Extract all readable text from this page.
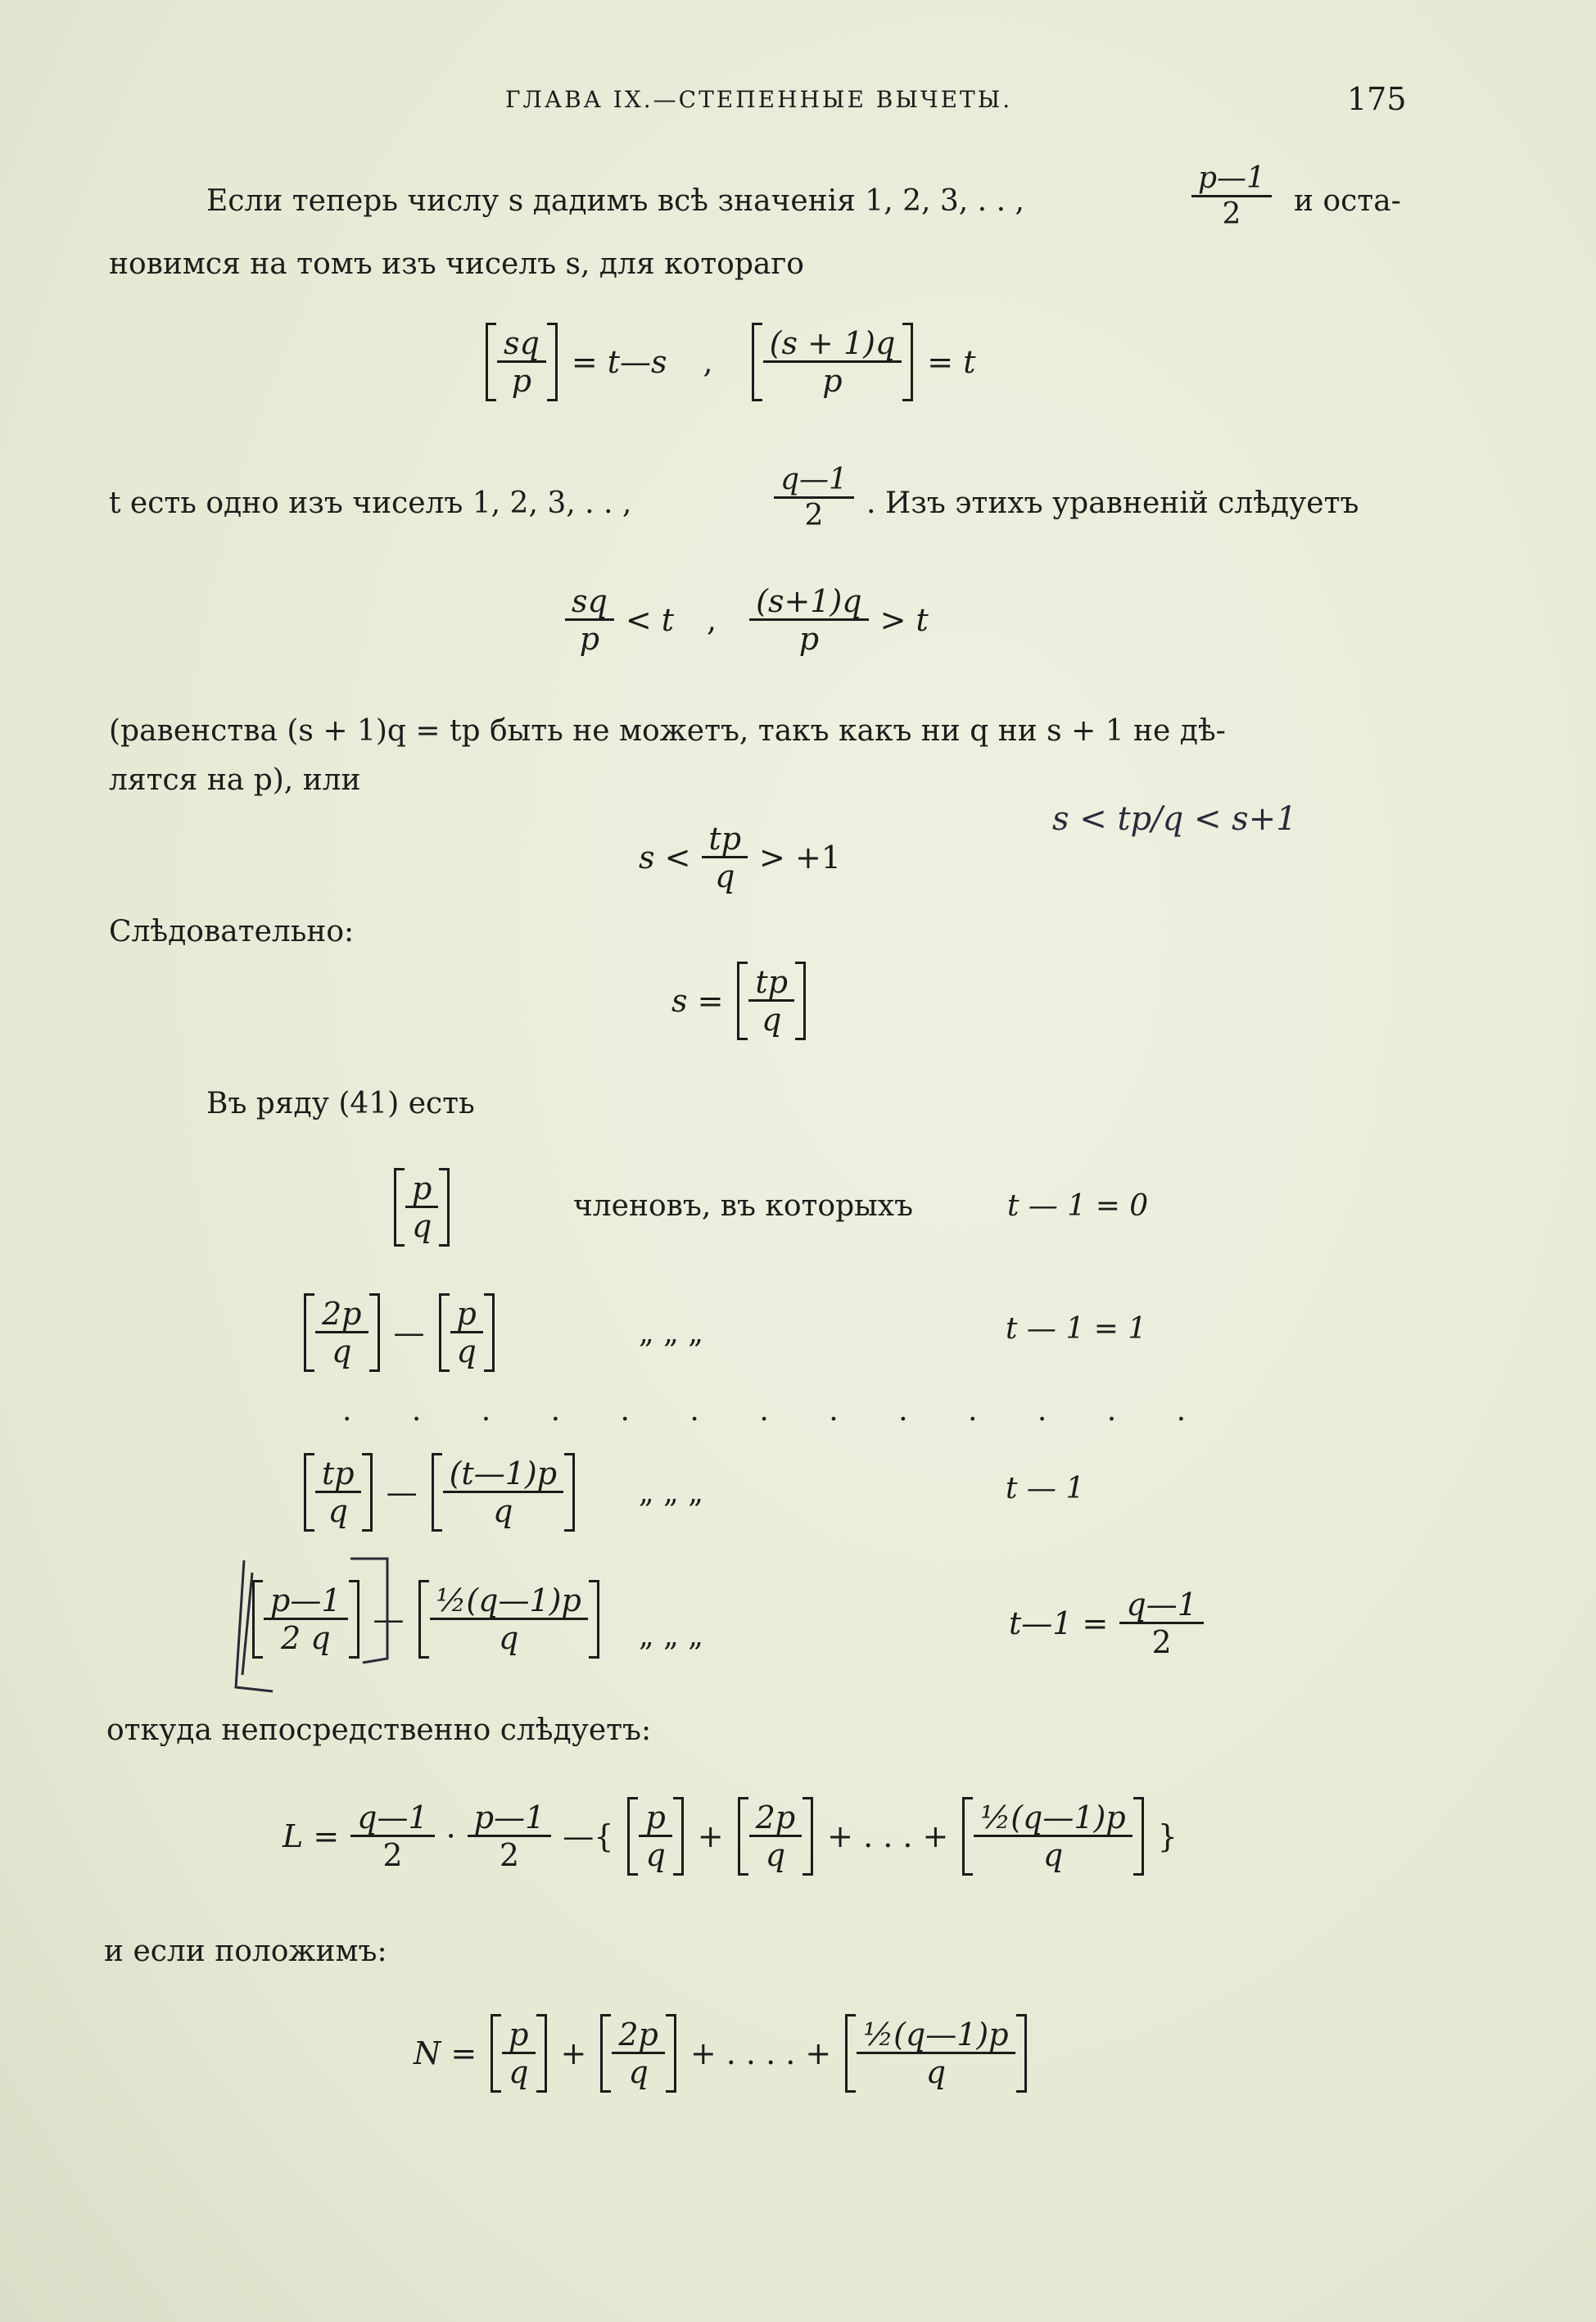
ГЛАВА IX.—СТЕПЕННЫЕ ВЫЧЕТЫ.	175
Если теперь числу s дадимъ всѣ значенія 1, 2, 3, . . ,	$\frac{p—1}{2}$ и оста-
новимся на томъ изъ чиселъ s, для котораго
sq
p
= t—s ,
(s + 1)q
p
= t
t есть одно изъ чиселъ 1, 2, 3, . . ,	$\frac{q—1}{2}$ . Изъ этихъ уравненій слѣдуетъ
sq
p
< t ,
(s+1)q
p
> t
(равенства (s + 1)q = tp быть не можетъ, такъ какъ ни q ни s + 1 не дѣ-
лятся на p), или
s <
tp
q
> +1
s < tp/q < s+1
Слѣдовательно:
s =
tp
q
Въ ряду (41) есть
p
q
членовъ, въ которыхъ	t — 1 = 0
2p
q
—
p
q
„ „ „	t — 1 = 1
. . . . . . . . . . . . .
tp
q
—
(t—1)p
q
„ „ „	t — 1
p—1
2 q
—
½(q—1)p
q	„ „ „	t—1 = $\frac{q—1}{2}$
откуда непосредственно слѣдуетъ:
$L = \frac{q—1}{2}$ ·
p—1
2
—{
p
q
+
2p
q
+ . . . +
½(q—1)p
q
}
и если положимъ:
N =
p
q
+
2p
q
+ . . . . +
½(q—1)p
q
